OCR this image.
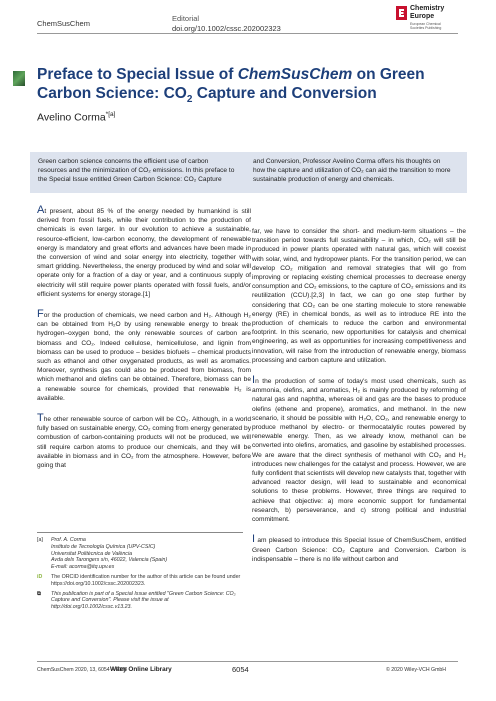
ChemSusChem
Editorial
doi.org/10.1002/cssc.202002323
Chemistry
Europe
European Chemical
Societies Publishing
Preface to Special Issue of ChemSusChem on Green Carbon Science: $CO_2$ Capture and Conversion
Avelino Corma$^{*[a]}$
Green carbon science concerns the efficient use of carbon resources and the minimization of CO₂ emissions. In this preface to the Special Issue entitled Green Carbon Science: CO₂ Capture
and Conversion, Professor Avelino Corma offers his thoughts on how the capture and utilization of CO₂ can aid the transition to more sustainable production of energy and chemicals.

At present, about 85 % of the energy needed by humankind is still derived from fossil fuels, while their contribution to the production of chemicals is even larger. In our evolution to achieve a sustainable, resource-efficient, low-carbon economy, the development of renewable energy is mandatory and great efforts and advances have been made in the conversion of wind and solar energy into electricity, together with smart gridding. Nevertheless, the energy produced by wind and solar will operate only for a fraction of a day or year, and a continuous supply of electricity will still require power plants operated with fossil fuels, and/or efficient systems for energy storage.[1]

For the production of chemicals, we need carbon and H₂. Although H₂ can be obtained from H₂O by using renewable energy to break the hydrogen–oxygen bond, the only renewable sources of carbon are biomass and CO₂. Indeed cellulose, hemicellulose, and lignin from biomass can be used to produce – besides biofuels – chemical products such as ethanol and other oxygenated products, as well as aromatics. Moreover, synthesis gas could also be produced from biomass, from which methanol and olefins can be obtained. Therefore, biomass can be a renewable source for chemicals, provided that renewable H₂ is available.

The other renewable source of carbon will be CO₂. Although, in a world fully based on sustainable energy, CO₂ coming from energy generated by combustion of carbon-containing products will not be produced, we will still require carbon atoms to produce our chemicals, and they will be available in biomass and in CO₂ from the atmosphere. However, before going that

far, we have to consider the short- and medium-term situations – the transition period towards full sustainability – in which, CO₂ will still be produced in power plants operated with natural gas, which will coexist with solar, wind, and hydropower plants. For the transition period, we can develop CO₂ mitigation and removal strategies that will go from improving or replacing existing chemical processes to decrease energy consumption and CO₂ emissions, to the capture of CO₂ emissions and its reutilization (CCU).[2,3] In fact, we can go one step further by considering that CO₂ can be one starting molecule to store renewable energy (RE) in chemical bonds, as well as to introduce RE into the production of chemicals to reduce the carbon and environmental footprint. In this scenario, new opportunities for catalysis and chemical engineering, as well as opportunities for increasing competitiveness and innovation, will raise from the introduction of renewable energy, biomass processing and carbon capture and utilization.

In the production of some of today's most used chemicals, such as ammonia, olefins, and aromatics, H₂ is mainly produced by reforming of natural gas and naphtha, whereas oil and gas are the bases to produce olefins (ethene and propene), aromatics, and methanol. In the new scenario, it should be possible with H₂O, CO₂, and renewable energy to produce methanol by electro- or thermocatalytic routes powered by renewable energy. Then, as we already know, methanol can be converted into olefins, aromatics, and gasoline by established processes. We are aware that the direct synthesis of methanol with CO₂ and H₂ introduces new challenges for the catalyst and process. However, we are fully confident that scientists will develop new catalysts that, together with advanced reactor design, will lead to sustainable and economical solutions to these problems. However, three things are required to achieve that objective: a) more economic support for fundamental research, b) perseverance, and c) strong political and industrial commitment.

I am pleased to introduce this Special Issue of ChemSusChem, entitled Green Carbon Science: CO₂ Capture and Conversion. Carbon is indispensable – there is no life without carbon and

[a]	Prof. A. Corma
Instituto de Tecnología Química (UPV-CSIC)
Universitat Politècnica de València
Avda dels Tarongers s/n, 46022, Valencia (Spain)
E-mail: acorma@itq.upv.es
iD	The ORCID identification number for the author of this article can be found under https://doi.org/10.1002/cssc.202002323.
⧉	This publication is part of a Special Issue entitled "Green Carbon Science: CO₂ Capture and Conversion". Please visit the issue at http://doi.org/10.1002/cssc.v13.23.
ChemSusChem 2020, 13, 6054 – 6055
Wiley Online Library	6054	© 2020 Wiley-VCH GmbH
